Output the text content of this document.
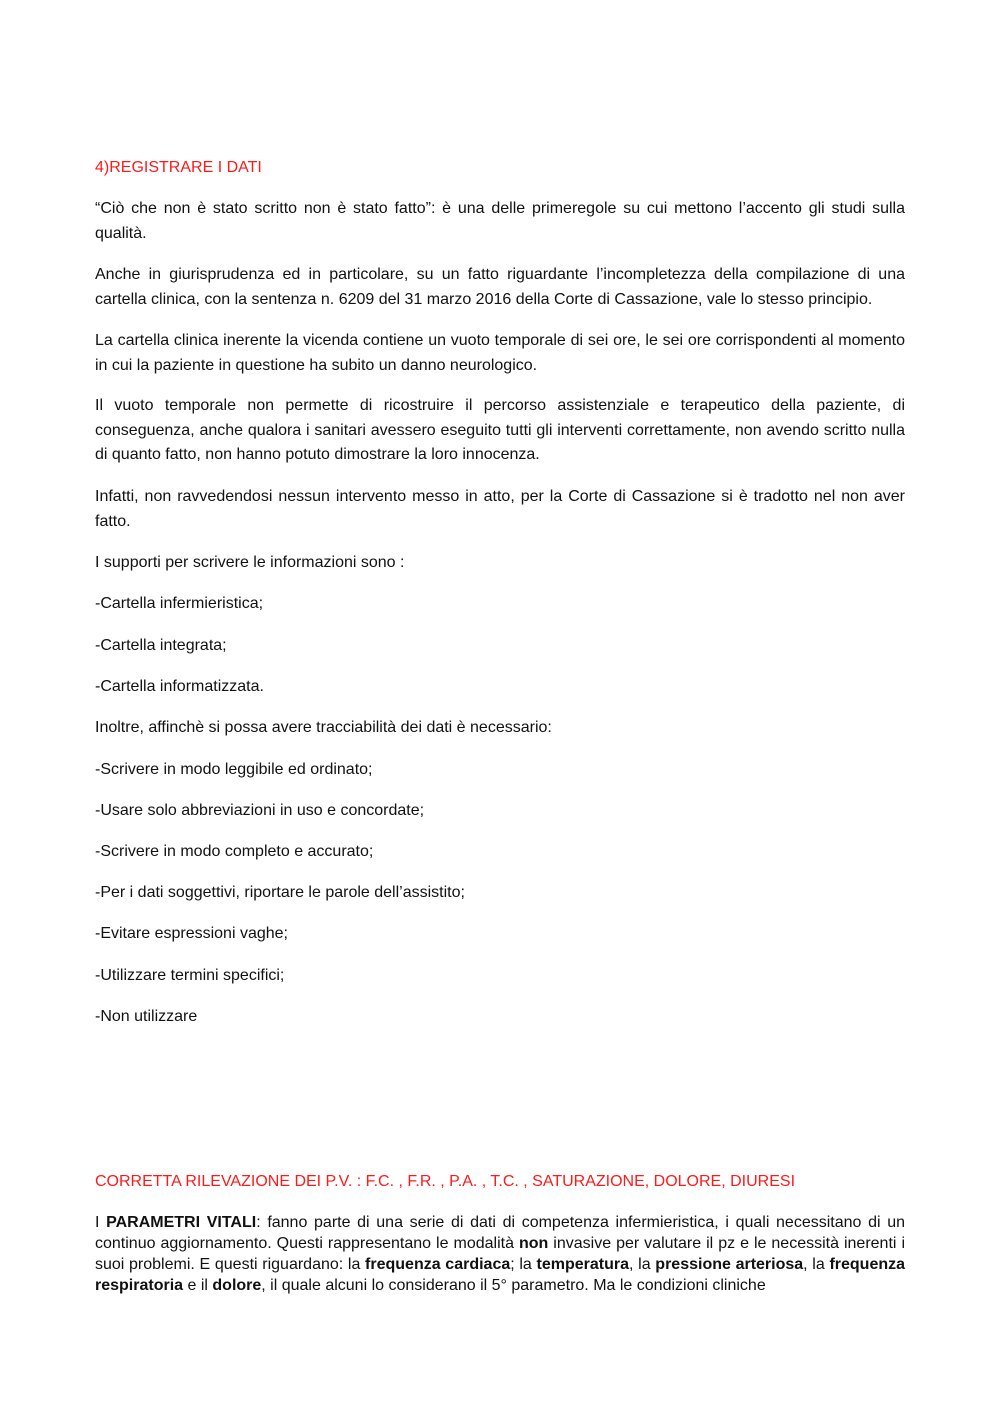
4)REGISTRARE I DATI

“Ciò che non è stato scritto non è stato fatto”: è una delle primeregole su cui mettono l’accento gli studi sulla qualità.

Anche in giurisprudenza ed in particolare, su un fatto riguardante l’incompletezza della compilazione di una cartella clinica, con la sentenza n. 6209 del 31 marzo 2016 della Corte di Cassazione, vale lo stesso principio.

La cartella clinica inerente la vicenda contiene un vuoto temporale di sei ore, le sei ore corrispondenti al momento in cui la paziente in questione ha subito un danno neurologico.

Il vuoto temporale non permette di ricostruire il percorso assistenziale e terapeutico della paziente, di conseguenza, anche qualora i sanitari avessero eseguito tutti gli interventi correttamente, non avendo scritto nulla di quanto fatto, non hanno potuto dimostrare la loro innocenza.

Infatti, non ravvedendosi nessun intervento messo in atto, per la Corte di Cassazione si è tradotto nel non aver fatto.

I supporti per scrivere le informazioni sono :

-Cartella infermieristica;

-Cartella integrata;

-Cartella informatizzata.

Inoltre, affinchè si possa avere tracciabilità dei dati è necessario:

-Scrivere in modo leggibile ed ordinato;

-Usare solo abbreviazioni in uso e concordate;

-Scrivere in modo completo e accurato;

-Per i dati soggettivi, riportare le parole dell’assistito;

-Evitare espressioni vaghe;

-Utilizzare termini specifici;

-Non utilizzare

CORRETTA RILEVAZIONE DEI P.V. : F.C. , F.R. , P.A. , T.C. , SATURAZIONE, DOLORE, DIURESI

I PARAMETRI VITALI: fanno parte di una serie di dati di competenza infermieristica, i quali necessitano di un continuo aggiornamento. Questi rappresentano le modalità non invasive per valutare il pz e le necessità inerenti i suoi problemi. E questi riguardano: la frequenza cardiaca; la temperatura, la pressione arteriosa, la frequenza respiratoria e il dolore, il quale alcuni lo considerano il 5° parametro. Ma le condizioni cliniche
